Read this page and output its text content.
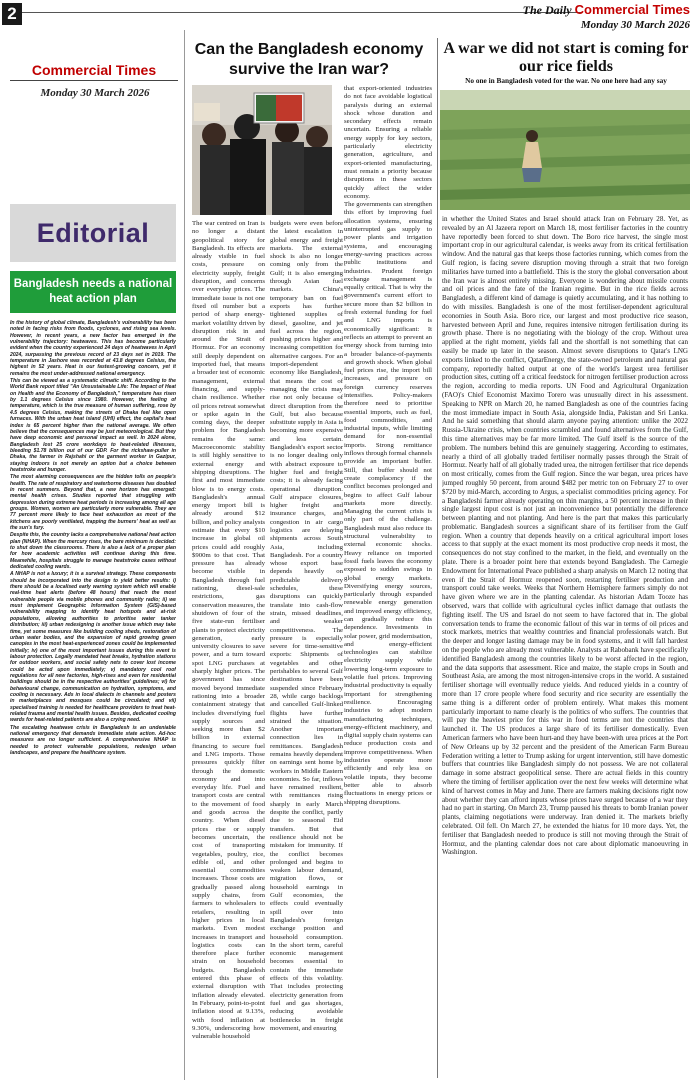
2	The Daily Commercial Times
Monday 30 March 2026
Commercial Times
Monday 30 March 2026
Editorial
Bangladesh needs a national heat action plan

In the history of global climate, Bangladesh's vulnerability has been noted in facing risks from floods, cyclones, and rising sea levels. However, in recent years, a new factor has emerged in the vulnerability trajectory: heatwaves. This has become particularly evident when the country experienced 24 days of heatwaves in April 2024, surpassing the previous record of 23 days set in 2019. The temperature in Jashore was recorded at 43.8 degrees Celsius, the highest in 52 years. Heat is our fastest-growing concern, yet it remains the most under-addressed national emergency.

This can be viewed as a systematic climatic shift. According to the World Bank report titled "An Unsustainable Life: The Impact of Heat on Health and the Economy of Bangladesh," temperature has risen by 1.1 degrees Celsius since 1980. However, the feeling of temperature, which is the true measure of human suffering, rose by 4.5 degrees Celsius, making the streets of Dhaka feel like open furnaces. With the urban heat island (UHI) effect, the capital's heat index is 65 percent higher than the national average. We often believe that the consequences may be just meteorological. But they have deep economic and personal impact as well. In 2024 alone, Bangladesh lost 25 crore workdays to heat-related illnesses, bleeding $1.78 billion out of our GDP. For the rickshaw-puller in Dhaka, the farmer in Rajshahi or the garment worker in Gazipur, staying indoors is not merely an option but a choice between heatstroke and hunger.

The most alarming consequences are the hidden tolls on people's health. The rate of respiratory and waterborne diseases has doubled in recent summers. Beyond that, a new horizon has emerged: mental health crises. Studies reported that struggling with depression during extreme heat periods is increasing among all age groups. Women, women are particularly more vulnerable. They are 77 percent more likely to face heat exhaustion as most of the kitchens are poorly ventilated, trapping the burners' heat as well as the sun's fury.

Despite this, the country lacks a comprehensive national heat action plan (NHAP). When the mercury rises, the bare minimum is decided: to shut down the classrooms. There is also a lack of a proper plan for how academic activities will continue during this time. Meanwhile, hospitals struggle to manage heatstroke cases without dedicated cooling wards.

A NHAP is not a luxury; it is a survival strategy. These components should be incorporated into the design to yield better results: i) there should be a localised early warning system which will enable real-time heat alerts (before 48 hours) that reach the most vulnerable people via mobile phones and community radio; ii) we must implement Geographic Information System (GIS)-based vulnerability mapping to identify heat hotspots and at-risk populations, allowing authorities to prioritise water tanker distribution; iii) urban redesigning is another issue which may take time, yet some measures like building cooling sheds, restoration of urban water bodies, and the expansion of rapid growing green canopies in the most heat-experienced zones could be implemented initially; iv) one of the most important issues during this event is labour protection. Legally mandated heat breaks, hydration stations for outdoor workers, and social safety nets to cover lost income could be acted upon immediately; v) mandatory cool roof regulations for all new factories, high-rises and even for residential buildings should be in the respective authorities' guidelines; vi) for behavioural change, communication on hydration, symptoms, and cooling is necessary. Ads in local dialects in channels and posters in marketplaces and mosques could be circulated; and vii) specialised training is needed for healthcare providers to treat heat-related trauma and mental health issues. Besides, dedicated cooling wards for heat-related patients are also a crying need.

The escalating heatwave crisis in Bangladesh is an undeniable national emergency that demands immediate state action. Ad-hoc measures are no longer sufficient. A comprehensive NHAP is needed to protect vulnerable populations, redesign urban landscapes, and prepare the healthcare system.

Can the Bangladesh economy survive the Iran war?
The war centred on Iran is no longer a distant geopolitical story for Bangladesh. Its effects are already visible in fuel costs, pressure on electricity supply, freight disruption, and concerns over everyday prices. The immediate issue is not one fixed oil number but a period of sharp energy-market volatility driven by disruption risk in and around the Strait of Hormuz. For an economy still deeply dependent on imported fuel, that means a broader test of economic management, external financing, and supply-chain resilience. Whether oil prices retreat somewhat or spike again in the coming days, the deeper problem for Bangladesh remains the same: Macroeconomic stability is still highly sensitive to external energy and shipping disruptions. The first and most immediate blow is to energy costs. Bangladesh's annual energy import bill is already around $12 billion, and policy analysts estimate that every $10 increase in global oil prices could add roughly $900m to that cost. That pressure has already become visible in Bangladesh through fuel rationing, diesel-sale restrictions, gas conservation measures, the shutdown of four of the five state-run fertiliser plants to protect electricity generation, early university closures to save power, and a turn toward spot LNG purchases at sharply higher prices. The government has since moved beyond immediate rationing into a broader containment strategy that includes diversifying fuel supply sources and seeking more than $2 billion in external financing to secure fuel and LNG imports. Those pressures quickly filter through the domestic economy and into everyday life. Fuel and transport costs are central to the movement of food and goods across the country. When diesel prices rise or supply becomes uncertain, the cost of transporting vegetables, poultry, rice, edible oil, and other essential commodities increases. Those costs are gradually passed along supply chains, from farmers to wholesalers to retailers, resulting in higher prices in local markets. Even modest increases in transport and logistics costs can therefore place further strain on household budgets. Bangladesh entered this phase of external disruption with inflation already elevated. In February, point-to-point inflation stood at 9.13%, with food inflation at 9.30%, underscoring how vulnerable household
budgets were even before the latest escalation in global energy and freight markets. The external shock is also no longer coming only from the Gulf; it is also emerging through Asian fuel markets. China's temporary ban on fuel exports has further tightened supplies of diesel, gasoline, and jet fuel across the region, pushing prices higher and increasing competition for alternative cargoes. For an import-dependent economy like Bangladesh, that means the cost of managing the crisis may rise not only because of direct disruption from the Gulf, but also because substitute supply in Asia is becoming more expensive and less certain. Bangladesh's export sector is no longer dealing only with abstract exposure to higher fuel and freight costs; it is already facing operational disruption. Gulf airspace closures, higher freight and insurance charges, and congestion in air cargo logistics are delaying shipments across South Asia, including Bangladesh. For a country whose export base depends heavily on predictable delivery schedules, these disruptions can quickly translate into cash-flow strain, missed deadlines, and weaker competitiveness. The pressure is especially severe for time-sensitive exports: Shipments of vegetables and other perishables to several Gulf destinations have been suspended since February 28, while cargo backlogs and cancelled Gulf-linked flights have further strained the situation. Another important connection lies in remittances. Bangladesh remains heavily dependent on earnings sent home by workers in Middle Eastern economies. So far, inflows have remained resilient, with remittances rising sharply in early March despite the conflict, partly due to seasonal Eid transfers. But that resilience should not be mistaken for immunity. If the conflict becomes prolonged and begins to weaken labour demand, migration flows, or household earnings in Gulf economies, the effects could eventually spill over into Bangladesh's foreign exchange position and household consumption. In the short term, careful economic management becomes essential to contain the immediate effects of this volatility. That includes protecting electricity generation from fuel and gas shortages, reducing avoidable bottlenecks in freight movement, and ensuring

that export-oriented industries do not face avoidable logistical paralysis during an external shock whose duration and secondary effects remain uncertain. Ensuring a reliable energy supply for key sectors, particularly electricity generation, agriculture, and export-oriented manufacturing, must remain a priority because disruptions in these sectors quickly affect the wider economy.

The governments can strengthen this effort by improving fuel allocation systems, ensuring uninterrupted gas supply to power plants and irrigation systems, and encouraging energy-saving practices across public institutions and industries. Prudent foreign exchange management is equally critical. That is why the government's current effort to secure more than $2 billion in fresh external funding for fuel and LNG imports is economically significant: It reflects an attempt to prevent an energy shock from turning into a broader balance-of-payments and growth shock. When global fuel prices rise, the import bill increases, and pressure on foreign currency reserves intensifies. Policy-makers therefore need to prioritise essential imports, such as fuel, food commodities, and industrial inputs, while limiting demand for non-essential imports. Strong remittance inflows through formal channels provide an important buffer. Still, that buffer should not create complacency if the conflict becomes prolonged and begins to affect Gulf labour markets more directly. Managing the current crisis is only part of the challenge. Bangladesh must also reduce its structural vulnerability to external economic shocks. Heavy reliance on imported fossil fuels leaves the economy exposed to sudden swings in global energy markets. Diversifying energy sources, particularly through expanded renewable energy generation and improved energy efficiency, can gradually reduce this dependence. Investments in solar power, grid modernisation, and energy-efficient technologies can stabilize electricity supply while lowering long-term exposure to volatile fuel prices. Improving industrial productivity is equally important for strengthening resilience. Encouraging industries to adopt modern manufacturing techniques, energy-efficient machinery, and digital supply chain systems can reduce production costs and improve competitiveness. When industries operate more efficiently and rely less on volatile inputs, they become better able to absorb fluctuations in energy prices or shipping disruptions.

A war we did not start is coming for our rice fields
No one in Bangladesh voted for the war. No one here had any say
in whether the United States and Israel should attack Iran on February 28. Yet, as revealed by an Al Jazeera report on March 18, most fertiliser factories in the country have reportedly been forced to shut down. The Boro rice harvest, the single most important crop in our agricultural calendar, is weeks away from its critical fertilisation window. And the natural gas that keeps those factories running, which comes from the Gulf region, is facing severe disruption moving through a strait that two foreign militaries have turned into a battlefield. This is the story the global conversation about the Iran war is almost entirely missing. Everyone is wondering about missile counts and oil prices and the fate of the Iranian regime. But in the rice fields across Bangladesh, a different kind of damage is quietly accumulating, and it has nothing to do with missiles. Bangladesh is one of the most fertiliser-dependent agricultural economies in South Asia. Boro rice, our largest and most productive rice season, harvested between April and June, requires intensive nitrogen fertilisation during its growth phase. There is no negotiating with the biology of the crop. Without urea applied at the right moment, yields fall and the shortfall is not something that can easily be made up later in the season. Almost severe disruptions to Qatar's LNG exports linked to the conflict, QatarEnergy, the state-owned petroleum and natural gas company, reportedly halted output at one of the world's largest urea fertiliser production sites, cutting off a critical feedstock for nitrogen fertiliser production across the region, according to media reports. UN Food and Agricultural Organization (FAO)'s Chief Economist Maximo Torero was unusually direct in his assessment. Speaking to NPR on March 20, he named Bangladesh as one of the countries facing the most immediate impact in South Asia, alongside India, Pakistan and Sri Lanka. And he said something that should alarm anyone paying attention: unlike the 2022 Russia-Ukraine crisis, when countries scrambled and found alternatives from the Gulf, this time alternatives may be far more limited. The Gulf itself is the source of the problem. The numbers behind this are genuinely staggering. According to estimates, nearly a third of all globally traded fertiliser normally passes through the Strait of Hormuz. Nearly half of all globally traded urea, the nitrogen fertiliser that rice depends on most critically, comes from the Gulf region. Since the war began, urea prices have jumped roughly 50 percent, from around $482 per metric ton on February 27 to over $720 by mid-March, according to Argus, a specialist commodities pricing agency. For a Bangladeshi farmer already operating on thin margins, a 50 percent increase in their single largest input cost is not just an inconvenience but potentially the difference between planting and not planting. And here is the part that makes this particularly problematic. Bangladesh sources a significant share of its fertiliser from the Gulf region. When a country that depends heavily on a critical agricultural import loses access to that supply at the exact moment its most productive crop needs it most, the consequences do not stay confined to the market, in the field, and eventually on the plate. There is a broader point here that extends beyond Bangladesh. The Carnegie Endowment for International Peace published a sharp analysis on March 12 noting that even if the Strait of Hormuz reopened soon, restarting fertiliser production and transport could take weeks. Weeks that Northern Hemisphere farmers simply do not have given where we are in the planting calendar. As historian Adam Tooze has observed, wars that collide with agricultural cycles inflict damage that outlasts the fighting itself. The US and Israel do not seem to have factored that in. The global conversation tends to frame the economic fallout of this war in terms of oil prices and stock markets, metrics that wealthy countries and financial professionals watch. But the deeper and longer lasting damage may be in food systems, and it will fall hardest on the people who are already most vulnerable. Analysts at Rabobank have specifically identified Bangladesh among the countries likely to be worst affected in the region, and the data supports that assessment. Rice and maize, the staple crops in South and Southeast Asia, are among the most nitrogen-intensive crops in the world. A sustained fertiliser shortage will eventually reduce yields. And reduced yields in a country of more than 17 crore people where food security and rice security are essentially the same thing is a different order of problem entirely. What makes this moment particularly important to name clearly is the politics of who suffers. The countries that will pay the heaviest price for this war in food terms are not the countries that launched it. The US produces a large share of its fertiliser domestically. Even American farmers who have been hurt-and they have been-with urea prices at the Port of New Orleans up by 32 percent and the president of the American Farm Bureau Federation writing a letter to Trump asking for urgent intervention, still have domestic buffers that countries like Bangladesh simply do not possess. We are not collateral damage in some abstract geopolitical sense. There are actual fields in this country where the timing of fertiliser application over the next few weeks will determine what kind of harvest comes in May and June. There are farmers making decisions right now about whether they can afford inputs whose prices have surged because of a war they had no part in starting. On March 23, Trump paused his threats to bomb Iranian power plants, claiming negotiations were underway. Iran denied it. The markets briefly celebrated. Oil fell. On March 27, he extended the hiatus for 10 more days. Yet, the fertiliser that Bangladesh needed to produce is still not moving through the Strait of Hormuz, and the planting calendar does not care about diplomatic manoeuvring in Washington.
